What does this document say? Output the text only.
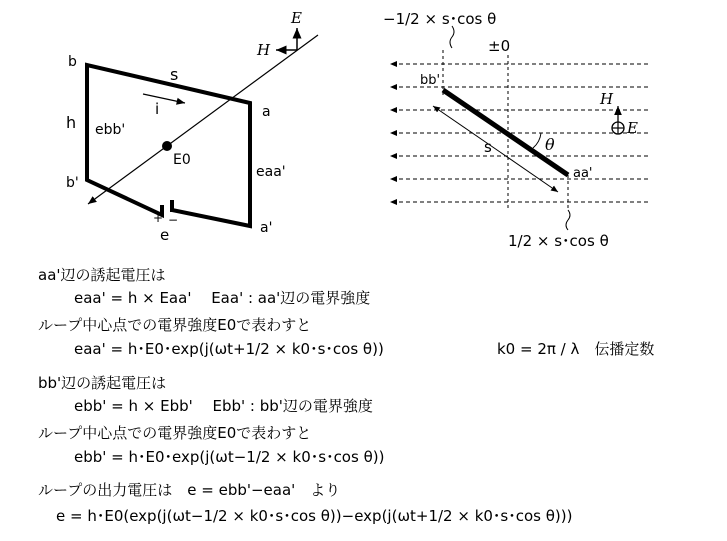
b
s
a
h
i
ebb'
E0
eaa'
b'
a'
+ −
e
E
H
−1/2 × s･cos θ
±0
bb'
H
E
s	θ
aa'
1/2 × s･cos θ
aa'辺の誘起電圧は
eaa' = h × Eaa'　 Eaa' : aa'辺の電界強度
ループ中心点での電界強度E0で表わすと
eaa' = h･E0･exp(j(ωt+1/2 × k0･s･cos θ))	k0 = 2π / λ　伝播定数
bb'辺の誘起電圧は
ebb' = h × Ebb'　 Ebb' : bb'辺の電界強度
ループ中心点での電界強度E0で表わすと
ebb' = h･E0･exp(j(ωt−1/2 × k0･s･cos θ))
ループの出力電圧は　e = ebb'−eaa'　より
e = h･E0(exp(j(ωt−1/2 × k0･s･cos θ))−exp(j(ωt+1/2 × k0･s･cos θ)))
